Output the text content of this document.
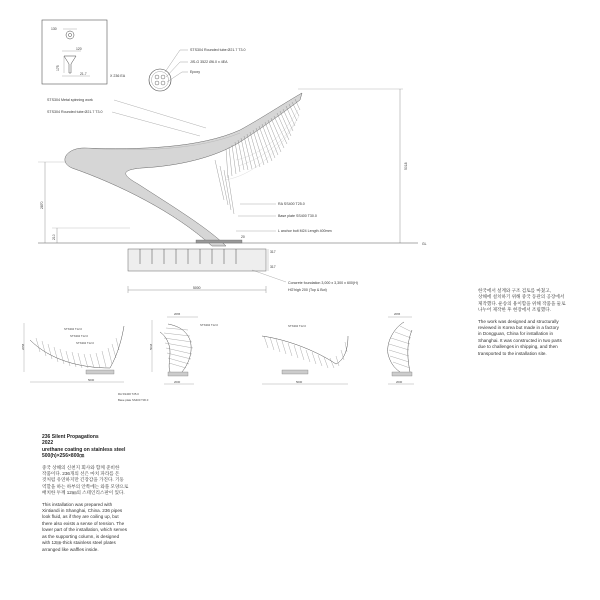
130
120
175
21.7	X 236 EA
STS304 Rounded tube Ø21.7 T3.0
JIS-G 3522 Ø6.0 x 4EA
Epoxy
5018
GL
2870
210
STS304 Metal spinning work
STS304 Rounded tube Ø21.7 T3.0
RA SS400 T25.0
Base plate SS400 T30.0
L anchor bolt M24 Length 400mm
20
317
317
5000
Concrete foundation 3,000 x 3,300 x 600(H)
HG'high 200 (Top & Bot)
2658
STS304 T12.0
STS304 T12.0
STS304 T12.0
5000
RA SS400 T25.0
Base plate SS400 T30.0
2065
5018
STS304 T12.0
2000
STS304 T12.0
5000
2065
2000

한국에서 설계와 구조 검토를 마쳤고,
상해에 설치하기 위해 중국 동관의 공장에서
제작했다. 운송의 용이함을 위해 작품을 둘로
나누어 제작한 후 현장에서 조립했다.

The work was designed and structurally
reviewed in Korea but made in a factory
in Dongguan, China for installation in
Shanghai. It was constructed in two parts
due to challenges in shipping, and then
transported to the installation site.

236 Silent Propagations
2022
urethane coating on stainless steel
500(h)×256×800㎝

중국 상해의 신천지 회사와 함께 준비한
작품이다. 236개의 선은 마치 파라를 돈
것처럼 유연하지만 긴장감을 가진다. 기둥
역할을 하는 하부의 안쪽에는 와플 모양으로
배치한 두께 12㎜의 스테인리스판이 있다.

This installation was prepared with
Xintiandi in Shanghai, China. 236 pipes
look fluid, as if they are coiling up, but
there also exists a sense of tension. The
lower part of the installation, which serves
as the supporting column, is designed
with 12㎜-thick stainless steel plates
arranged like waffles inside.
